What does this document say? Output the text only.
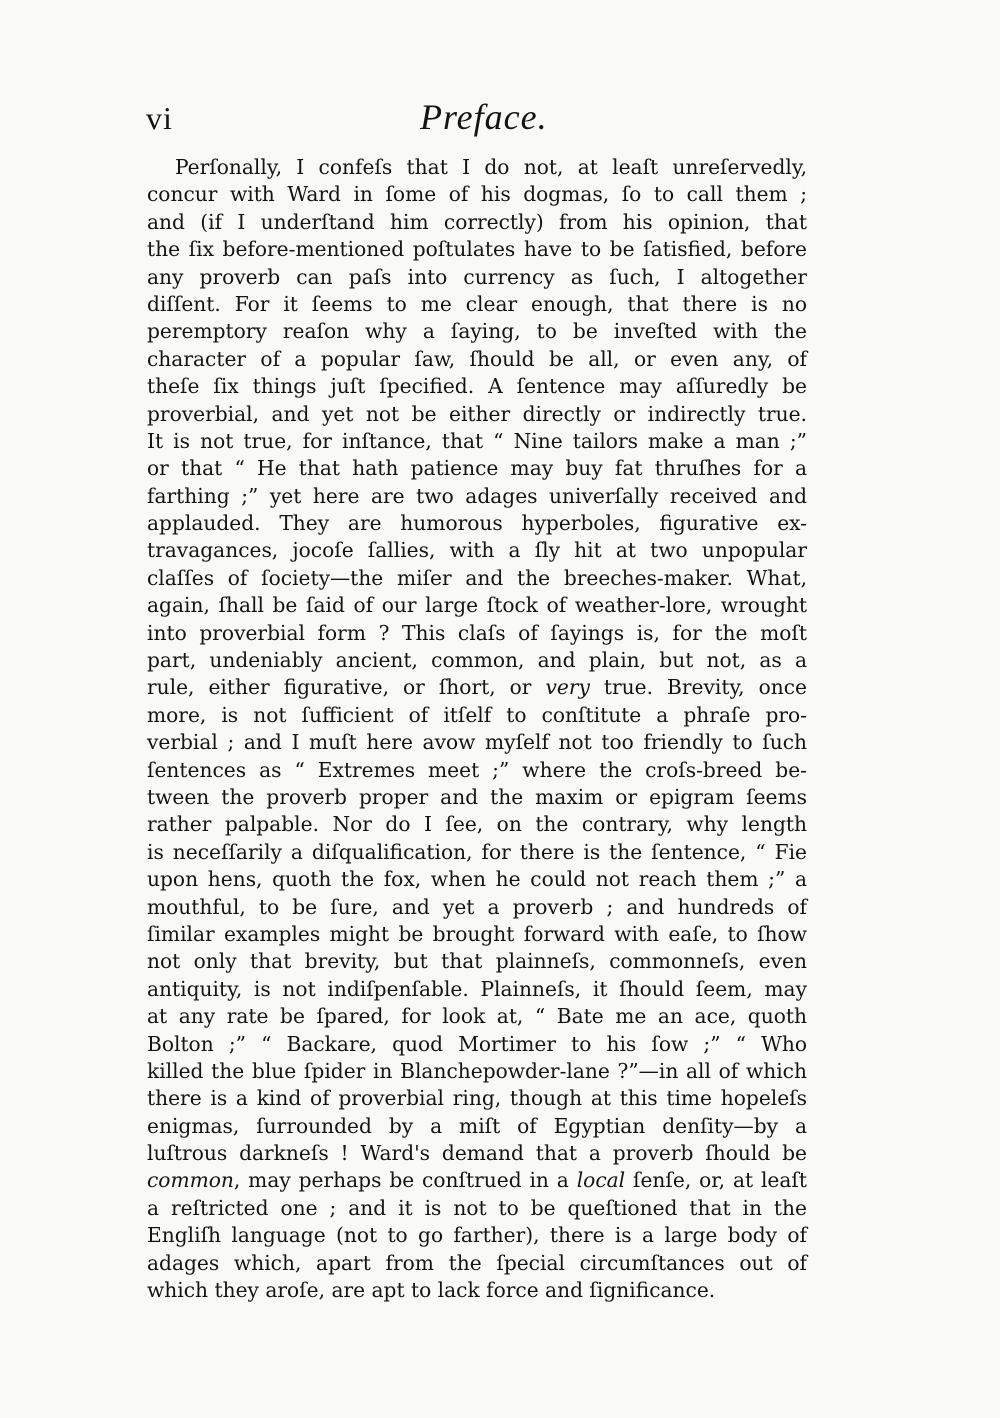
vi	Preface.
Perſonally, I confeſs that I do not, at leaſt unreſervedly,
concur with Ward in ſome of his dogmas, ſo to call them ;
and (if I underſtand him correctly) from his opinion, that
the ſix before-mentioned poſtulates have to be ſatisfied, before
any proverb can paſs into currency as ſuch, I altogether
diſſent. For it ſeems to me clear enough, that there is no
peremptory reaſon why a ſaying, to be inveſted with the
character of a popular ſaw, ſhould be all, or even any, of
theſe ſix things juſt ſpecified. A ſentence may aſſuredly be
proverbial, and yet not be either directly or indirectly true.
It is not true, for inſtance, that “ Nine tailors make a man ;”
or that “ He that hath patience may buy fat thruſhes for a
farthing ;” yet here are two adages univerſally received and
applauded. They are humorous hyperboles, figurative ex-
travagances, jocoſe ſallies, with a ſly hit at two unpopular
claſſes of ſociety—the miſer and the breeches-maker. What,
again, ſhall be ſaid of our large ſtock of weather-lore, wrought
into proverbial form ? This claſs of ſayings is, for the moſt
part, undeniably ancient, common, and plain, but not, as a
rule, either figurative, or ſhort, or very true. Brevity, once
more, is not ſufficient of itſelf to conſtitute a phraſe pro-
verbial ; and I muſt here avow myſelf not too friendly to ſuch
ſentences as “ Extremes meet ;” where the croſs-breed be-
tween the proverb proper and the maxim or epigram ſeems
rather palpable. Nor do I ſee, on the contrary, why length
is neceſſarily a diſqualification, for there is the ſentence, “ Fie
upon hens, quoth the fox, when he could not reach them ;” a
mouthful, to be ſure, and yet a proverb ; and hundreds of
ſimilar examples might be brought forward with eaſe, to ſhow
not only that brevity, but that plainneſs, commonneſs, even
antiquity, is not indiſpenſable. Plainneſs, it ſhould ſeem, may
at any rate be ſpared, for look at, “ Bate me an ace, quoth
Bolton ;” “ Backare, quod Mortimer to his ſow ;” “ Who
killed the blue ſpider in Blanchepowder-lane ?”—in all of which
there is a kind of proverbial ring, though at this time hopeleſs
enigmas, ſurrounded by a miſt of Egyptian denſity—by a
luſtrous darkneſs ! Ward's demand that a proverb ſhould be
common, may perhaps be conſtrued in a local ſenſe, or, at leaſt
a reſtricted one ; and it is not to be queſtioned that in the
Engliſh language (not to go farther), there is a large body of
adages which, apart from the ſpecial circumſtances out of
which they aroſe, are apt to lack force and ſignificance.
